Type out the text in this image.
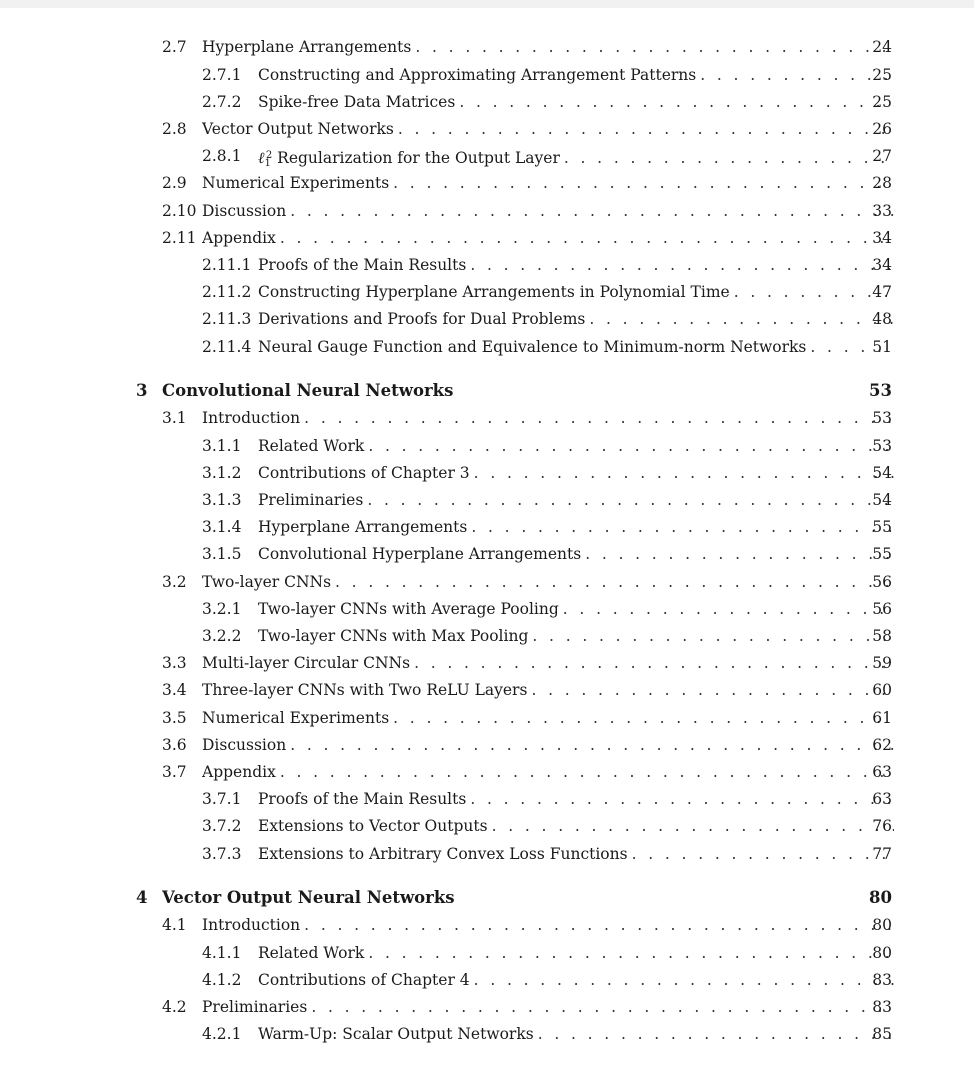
2.7 Hyperplane Arrangements . . .	24
2.7.1 Constructing and Approximating Arrangement Patterns . . .	25
2.7.2 Spike-free Data Matrices . . .	25
2.8 Vector Output Networks . . .	26
2.8.1 $\ell 1^2$ Regularization for the Output Layer . . .	27
2.9 Numerical Experiments . . .	28
2.10 Discussion . . .	33
2.11 Appendix . . .	34
2.11.1 Proofs of the Main Results . . .	34
2.11.2 Constructing Hyperplane Arrangements in Polynomial Time . . .	47
2.11.3 Derivations and Proofs for Dual Problems . . .	48
2.11.4 Neural Gauge Function and Equivalence to Minimum-norm Networks . . .	51
3 Convolutional Neural Networks	53
3.1 Introduction . . .	53
3.1.1 Related Work . . .	53
3.1.2 Contributions of Chapter 3 . . .	54
3.1.3 Preliminaries . . .	54
3.1.4 Hyperplane Arrangements . . .	55
3.1.5 Convolutional Hyperplane Arrangements . . .	55
3.2 Two-layer CNNs . . .	56
3.2.1 Two-layer CNNs with Average Pooling . . .	56
3.2.2 Two-layer CNNs with Max Pooling . . .	58
3.3 Multi-layer Circular CNNs . . .	59
3.4 Three-layer CNNs with Two ReLU Layers . . .	60
3.5 Numerical Experiments . . .	61
3.6 Discussion . . .	62
3.7 Appendix . . .	63
3.7.1 Proofs of the Main Results . . .	63
3.7.2 Extensions to Vector Outputs . . .	76
3.7.3 Extensions to Arbitrary Convex Loss Functions . . .	77
4 Vector Output Neural Networks	80
4.1 Introduction . . .	80
4.1.1 Related Work . . .	80
4.1.2 Contributions of Chapter 4 . . .	83
4.2 Preliminaries . . .	83
4.2.1 Warm-Up: Scalar Output Networks . . .	85
